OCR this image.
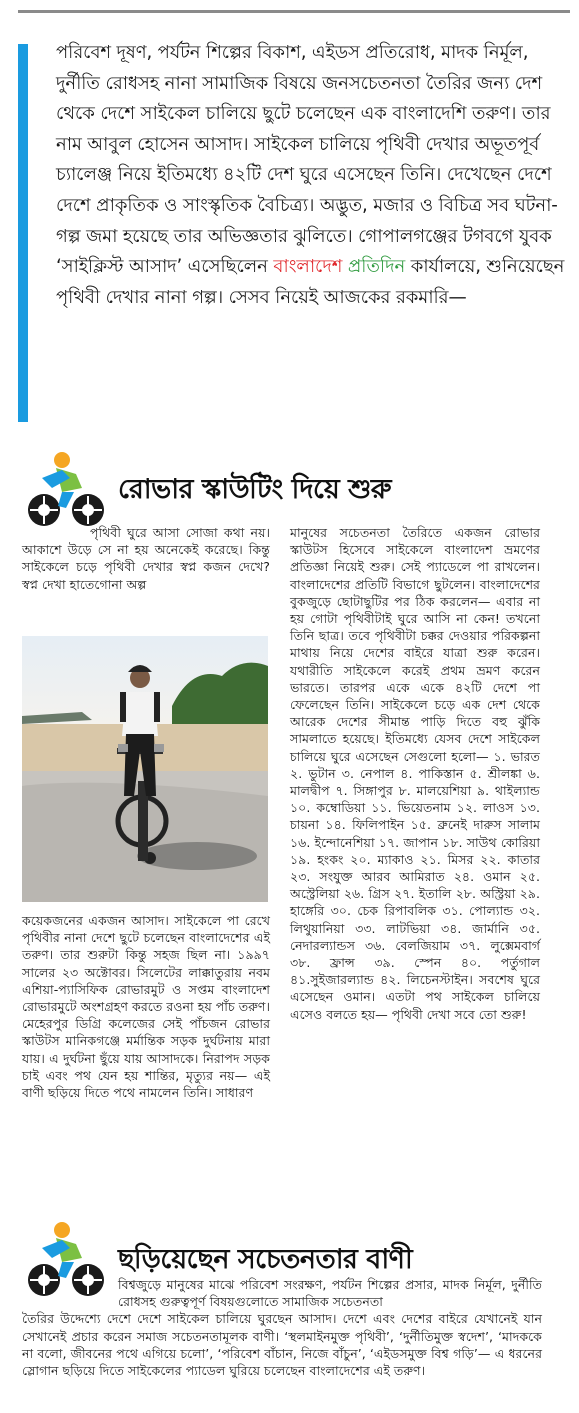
পরিবেশ দূষণ, পর্যটন শিল্পের বিকাশ, এইডস প্রতিরোধ, মাদক নির্মূল, দুর্নীতি রোধসহ নানা সামাজিক বিষয়ে জনসচেতনতা তৈরির জন্য দেশ থেকে দেশে সাইকেল চালিয়ে ছুটে চলেছেন এক বাংলাদেশি তরুণ। তার নাম আবুল হোসেন আসাদ। সাইকেল চালিয়ে পৃথিবী দেখার অভূতপূর্ব চ্যালেঞ্জ নিয়ে ইতিমধ্যে ৪২টি দেশ ঘুরে এসেছেন তিনি। দেখেছেন দেশে দেশে প্রাকৃতিক ও সাংস্কৃতিক বৈচিত্র্য। অদ্ভুত, মজার ও বিচিত্র সব ঘটনা-গল্প জমা হয়েছে তার অভিজ্ঞতার ঝুলিতে। গোপালগঞ্জের টগবগে যুবক ‘সাইক্লিস্ট আসাদ’ এসেছিলেন বাংলাদেশ প্রতিদিন কার্যালয়ে, শুনিয়েছেন পৃথিবী দেখার নানা গল্প। সেসব নিয়েই আজকের রকমারি—
রোভার স্কাউটিং দিয়ে শুরু
পৃথিবী ঘুরে আসা সোজা কথা নয়। আকাশে উড়ে সে না হয় অনেকেই করেছে। কিন্তু সাইকেলে চড়ে পৃথিবী দেখার স্বপ্ন কজন দেখে? স্বপ্ন দেখা হাতেগোনা অল্প
কয়েকজনের একজন আসাদ। সাইকেলে পা রেখে পৃথিবীর নানা দেশে ছুটে চলেছেন বাংলাদেশের এই তরুণ। তার শুরুটা কিন্তু সহজ ছিল না। ১৯৯৭ সালের ২৩ অক্টোবর। সিলেটের লাক্কাতুরায় নবম এশিয়া-প্যাসিফিক রোভারমুট ও সপ্তম বাংলাদেশ রোভারমুটে অংশগ্রহণ করতে রওনা হয় পাঁচ তরুণ। মেহেরপুর ডিগ্রি কলেজের সেই পাঁচজন রোভার স্কাউটস মানিকগঞ্জে মর্মান্তিক সড়ক দুর্ঘটনায় মারা যায়। এ দুর্ঘটনা ছুঁয়ে যায় আসাদকে। নিরাপদ সড়ক চাই এবং পথ যেন হয় শান্তির, মৃত্যুর নয়— এই বাণী ছড়িয়ে দিতে পথে নামলেন তিনি। সাধারণ
মানুষের সচেতনতা তৈরিতে একজন রোভার স্কাউটস হিসেবে সাইকেলে বাংলাদেশ ভ্রমণের প্রতিজ্ঞা নিয়েই শুরু। সেই প্যাডেলে পা রাখলেন। বাংলাদেশের প্রতিটি বিভাগে ছুটলেন। বাংলাদেশের বুকজুড়ে ছোটাছুটির পর ঠিক করলেন— এবার না হয় গোটা পৃথিবীটাই ঘুরে আসি না কেন! তখনো তিনি ছাত্র। তবে পৃথিবীটা চক্কর দেওয়ার পরিকল্পনা মাথায় নিয়ে দেশের বাইরে যাত্রা শুরু করেন। যথারীতি সাইকেলে করেই প্রথম ভ্রমণ করেন ভারতে। তারপর একে একে ৪২টি দেশে পা ফেলেছেন তিনি। সাইকেলে চড়ে এক দেশ থেকে আরেক দেশের সীমান্ত পাড়ি দিতে বহু ঝুঁকি সামলাতে হয়েছে। ইতিমধ্যে যেসব দেশে সাইকেল চালিয়ে ঘুরে এসেছেন সেগুলো হলো— ১. ভারত ২. ভুটান ৩. নেপাল ৪. পাকিস্তান ৫. শ্রীলঙ্কা ৬. মালদ্বীপ ৭. সিঙ্গাপুর ৮. মালয়েশিয়া ৯. থাইল্যান্ড ১০. কম্বোডিয়া ১১. ভিয়েতনাম ১২. লাওস ১৩. চায়না ১৪. ফিলিপাইন ১৫. ব্রুনেই দারুস সালাম ১৬. ইন্দোনেশিয়া ১৭. জাপান ১৮. সাউথ কোরিয়া ১৯. হংকং ২০. ম্যাকাও ২১. মিসর ২২. কাতার ২৩. সংযুক্ত আরব আমিরাত ২৪. ওমান ২৫. অস্ট্রেলিয়া ২৬. গ্রিস ২৭. ইতালি ২৮. অস্ট্রিয়া ২৯. হাঙ্গেরি ৩০. চেক রিপাবলিক ৩১. পোল্যান্ড ৩২. লিথুয়ানিয়া ৩৩. লাটভিয়া ৩৪. জার্মানি ৩৫. নেদারল্যান্ডস ৩৬. বেলজিয়াম ৩৭. লুক্সেমবার্গ ৩৮. ফ্রান্স ৩৯. স্পেন ৪০. পর্তুগাল ৪১.সুইজারল্যান্ড ৪২. লিচেনস্টাইন। সবশেষ ঘুরে এসেছেন ওমান। এতটা পথ সাইকেল চালিয়ে এসেও বলতে হয়— পৃথিবী দেখা সবে তো শুরু!
ছড়িয়েছেন সচেতনতার বাণী
বিশ্বজুড়ে মানুষের মাঝে পরিবেশ সংরক্ষণ, পর্যটন শিল্পের প্রসার, মাদক নির্মূল, দুর্নীতি রোধসহ গুরুত্বপূর্ণ বিষয়গুলোতে সামাজিক সচেতনতা
তৈরির উদ্দেশ্যে দেশে দেশে সাইকেল চালিয়ে ঘুরছেন আসাদ। দেশে এবং দেশের বাইরে যেখানেই যান সেখানেই প্রচার করেন সমাজ সচেতনতামূলক বাণী। ‘স্থলমাইনমুক্ত পৃথিবী’, ‘দুর্নীতিমুক্ত স্বদেশ’, ‘মাদককে না বলো, জীবনের পথে এগিয়ে চলো’, ‘পরিবেশ বাঁচান, নিজে বাঁচুন’, ‘এইডসমুক্ত বিশ্ব গড়ি’— এ ধরনের স্লোগান ছড়িয়ে দিতে সাইকেলের প্যাডেল ঘুরিয়ে চলেছেন বাংলাদেশের এই তরুণ।
